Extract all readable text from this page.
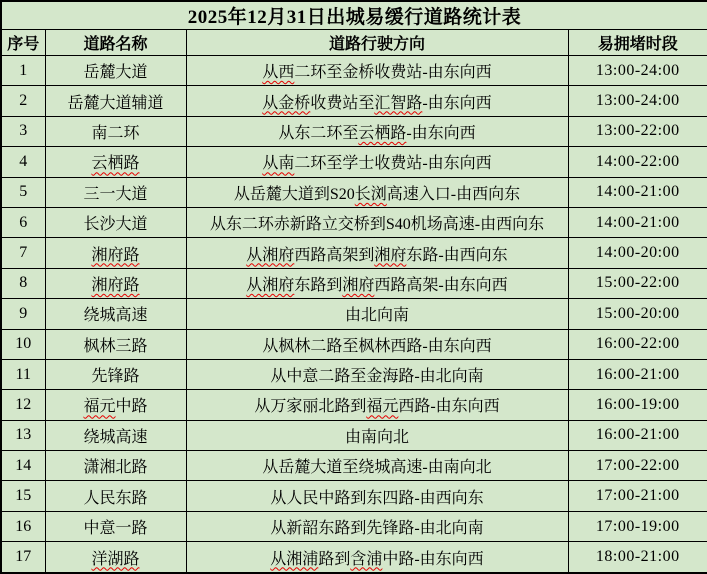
2025年12月31日出城易缓行道路统计表			
序号	道路名称	道路行驶方向	易拥堵时段
1	岳麓大道	从西二环至金桥收费站-由东向西	13:00-24:00
2	岳麓大道辅道	从金桥收费站至汇智路-由东向西	13:00-24:00
3	南二环	从东二环至云栖路-由东向西	13:00-22:00
4	云栖路	从南二环至学士收费站-由东向西	14:00-22:00
5	三一大道	从岳麓大道到S20长浏高速入口-由西向东	14:00-21:00
6	长沙大道	从东二环赤新路立交桥到S40机场高速-由西向东	14:00-21:00
7	湘府路	从湘府西路高架到湘府东路-由西向东	14:00-20:00
8	湘府路	从湘府东路到湘府西路高架-由东向西	15:00-22:00
9	绕城高速	由北向南	15:00-20:00
10	枫林三路	从枫林二路至枫林西路-由东向西	16:00-22:00
11	先锋路	从中意二路至金海路-由北向南	16:00-21:00
12	福元中路	从万家丽北路到福元西路-由东向西	16:00-19:00
13	绕城高速	由南向北	16:00-21:00
14	潇湘北路	从岳麓大道至绕城高速-由南向北	17:00-22:00
15	人民东路	从人民中路到东四路-由西向东	17:00-21:00
16	中意一路	从新韶东路到先锋路-由北向南	17:00-19:00
17	洋湖路	从湘浦路到含浦中路-由东向西	18:00-21:00
